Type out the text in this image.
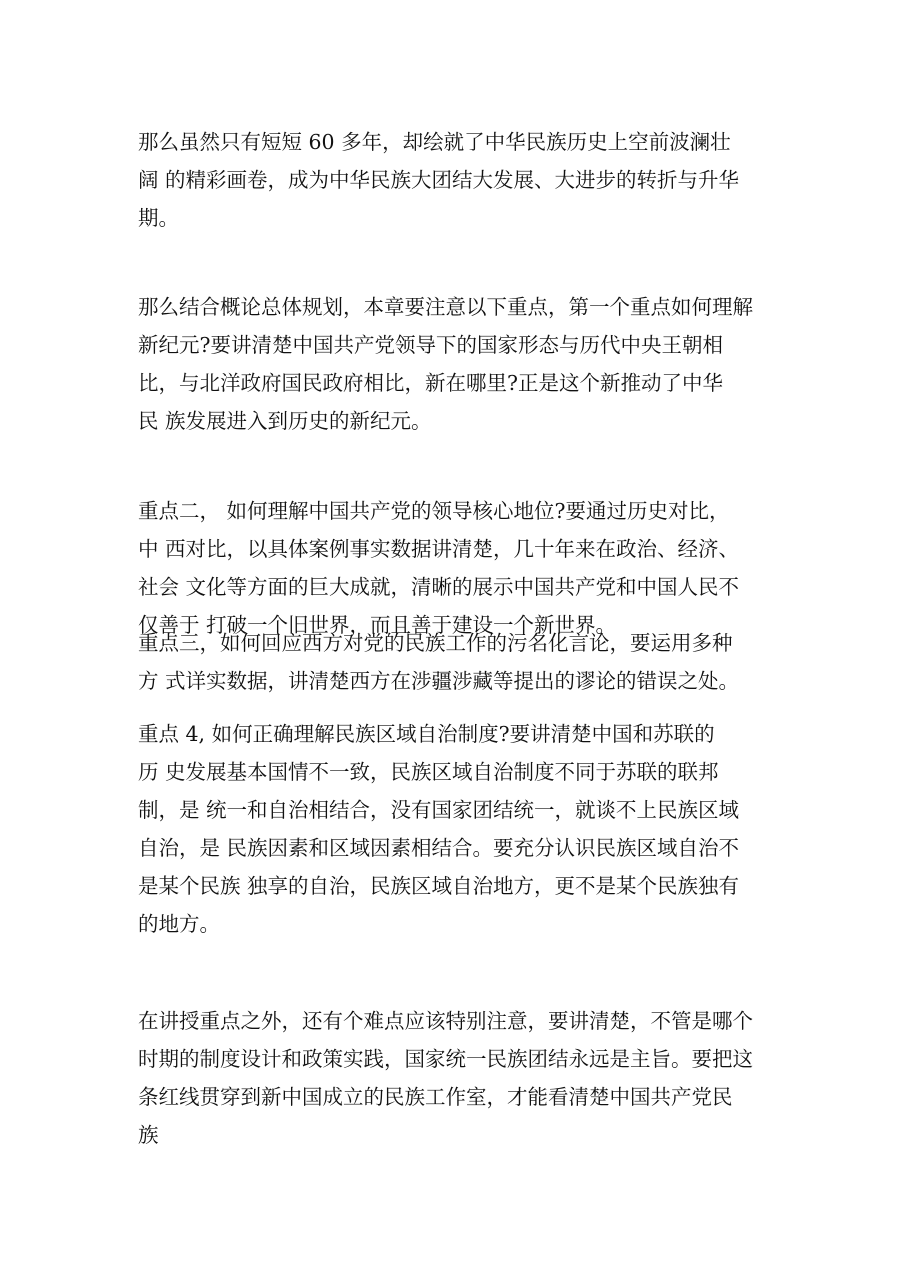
那么虽然只有短短 60 多年，却绘就了中华民族历史上空前波澜壮
阔 的精彩画卷，成为中华民族大团结大发展、大进步的转折与升华
期。

那么结合概论总体规划，本章要注意以下重点，第一个重点如何理解
新纪元?要讲清楚中国共产党领导下的国家形态与历代中央王朝相
比，与北洋政府国民政府相比，新在哪里?正是这个新推动了中华
民 族发展进入到历史的新纪元。

重点二， 如何理解中国共产党的领导核心地位?要通过历史对比，
中 西对比，以具体案例事实数据讲清楚，几十年来在政治、经济、
社会 文化等方面的巨大成就，清晰的展示中国共产党和中国人民不
仅善于 打破一个旧世界，而且善于建设一个新世界。

重点三，如何回应西方对党的民族工作的污名化言论，要运用多种
方 式详实数据，讲清楚西方在涉疆涉藏等提出的谬论的错误之处。

重点 4, 如何正确理解民族区域自治制度?要讲清楚中国和苏联的
历 史发展基本国情不一致，民族区域自治制度不同于苏联的联邦
制，是 统一和自治相结合，没有国家团结统一，就谈不上民族区域
自治，是 民族因素和区域因素相结合。要充分认识民族区域自治不
是某个民族 独享的自治，民族区域自治地方，更不是某个民族独有
的地方。

在讲授重点之外，还有个难点应该特别注意，要讲清楚，不管是哪个
时期的制度设计和政策实践，国家统一民族团结永远是主旨。要把这
条红线贯穿到新中国成立的民族工作室，才能看清楚中国共产党民
族
